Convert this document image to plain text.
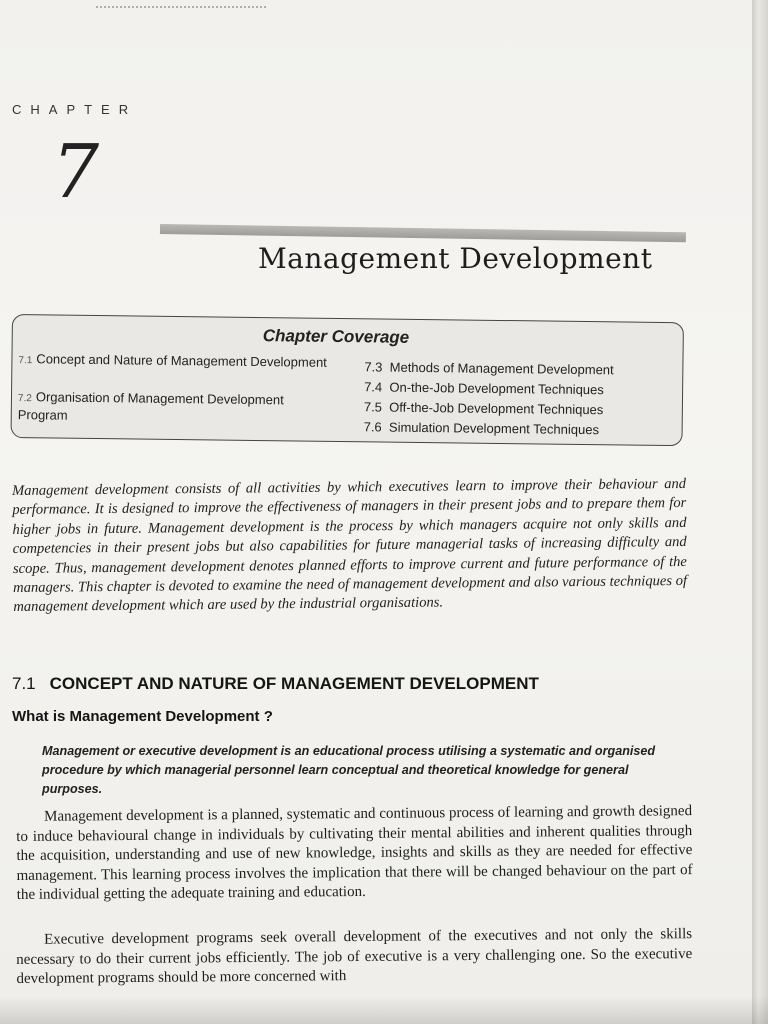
CHAPTER
7
Management Development
Chapter Coverage
7.1 Concept and Nature of Management Development
7.2 Organisation of Management Development Program
7.3 Methods of Management Development
7.4 On-the-Job Development Techniques
7.5 Off-the-Job Development Techniques
7.6 Simulation Development Techniques
Management development consists of all activities by which executives learn to improve their behaviour and performance. It is designed to improve the effectiveness of managers in their present jobs and to prepare them for higher jobs in future. Management development is the process by which managers acquire not only skills and competencies in their present jobs but also capabilities for future managerial tasks of increasing difficulty and scope. Thus, management development denotes planned efforts to improve current and future performance of the managers. This chapter is devoted to examine the need of management development and also various techniques of management development which are used by the industrial organisations.
7.1 CONCEPT AND NATURE OF MANAGEMENT DEVELOPMENT
What is Management Development ?
Management or executive development is an educational process utilising a systematic and organised procedure by which managerial personnel learn conceptual and theoretical knowledge for general purposes.
Management development is a planned, systematic and continuous process of learning and growth designed to induce behavioural change in individuals by cultivating their mental abilities and inherent qualities through the acquisition, understanding and use of new knowledge, insights and skills as they are needed for effective management. This learning process involves the implication that there will be changed behaviour on the part of the individual getting the adequate training and education.
Executive development programs seek overall development of the executives and not only the skills necessary to do their current jobs efficiently. The job of executive is a very challenging one. So the executive development programs should be more concerned with
